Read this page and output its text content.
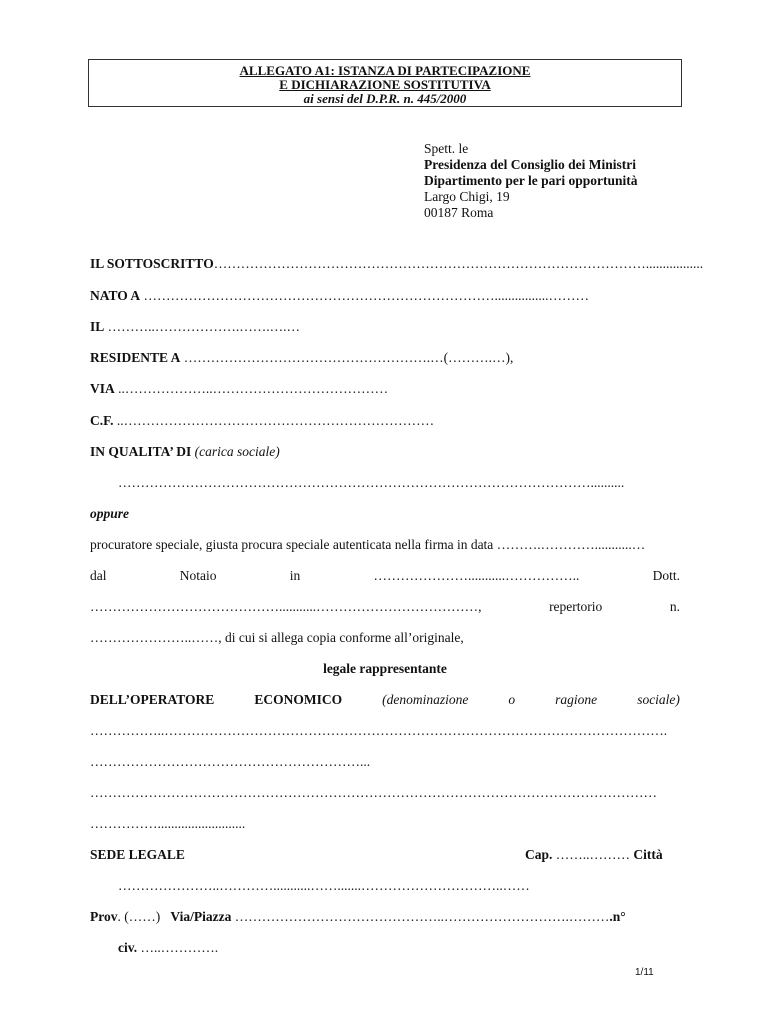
ALLEGATO A1: ISTANZA DI PARTECIPAZIONE
E DICHIARAZIONE SOSTITUTIVA
ai sensi del D.P.R. n. 445/2000
Spett. le
Presidenza del Consiglio dei Ministri
Dipartimento per le pari opportunità
Largo Chigi, 19
00187 Roma
IL SOTTOSCRITTO…………………………………………………………………………………….................
NATO A ……………………………………………………………………................………
IL ………..……………….…….….…
RESIDENTE A ……………………………………………….…(……….…),
VIA ..………………..…………………………………
C.F. ..……………………………………………………………
IN QUALITA’ DI (carica sociale)
……………………………………………………………………………………………..........
oppure
procuratore speciale, giusta procura speciale autenticata nella firma in data ……….…………...........…
dal	Notaio	in	…………………...........……………..	Dott.
……………………………………...........………………………………,	repertorio	n.
…………………..……, di cui si allega copia conforme all’originale,
legale rappresentante
DELL’OPERATORE	ECONOMICO	(denominazione	o	ragione	sociale)
……………..………………………………………………………………………………………………….
……………………………………………………...
………………………………………………………………………………………………………………
……………..........................
SEDE LEGALE	Cap. ……..……… Città
…………………..…………...........…….......…………………………..……
Prov. (……) Via/Piazza ………………………………………..……………………….……….n°
civ. …..………….
1/11
